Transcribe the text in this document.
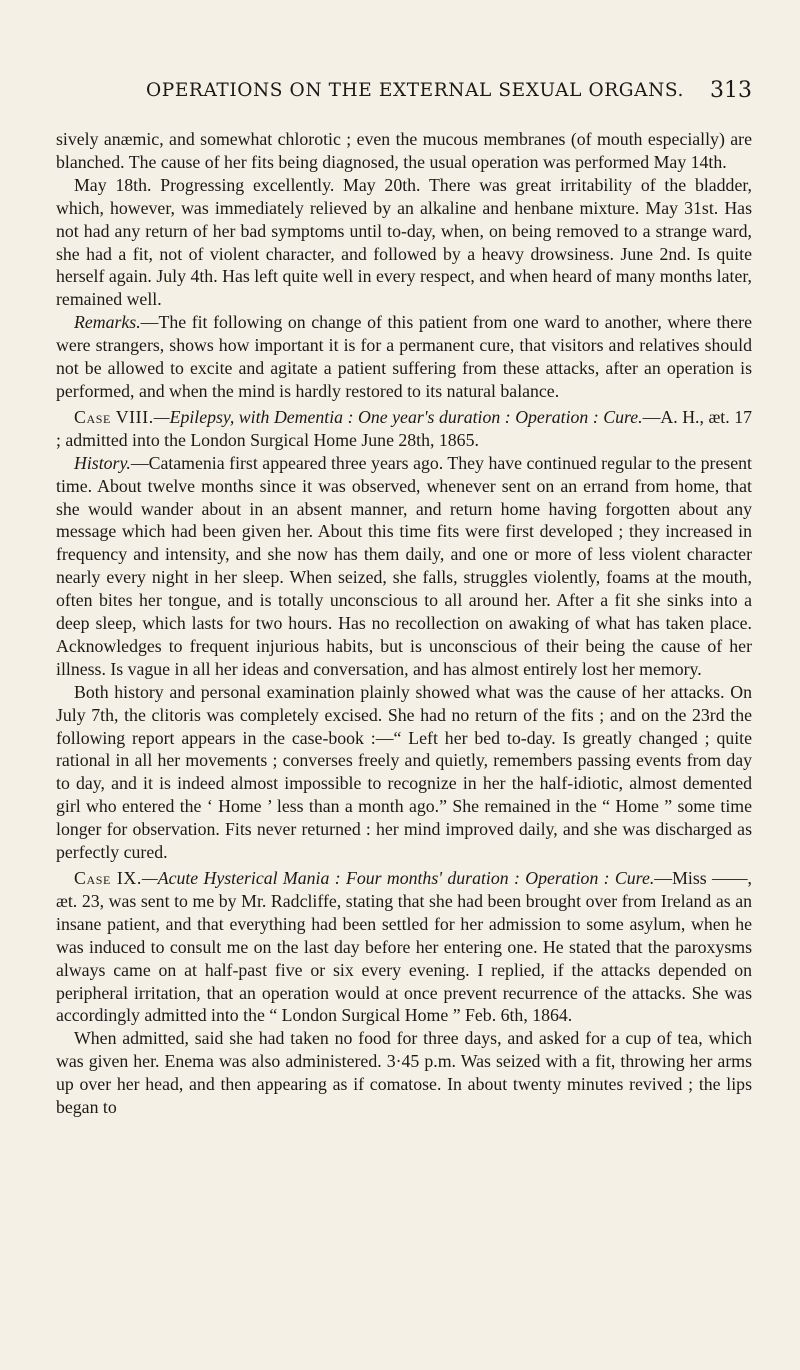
OPERATIONS ON THE EXTERNAL SEXUAL ORGANS. 313

sively anæmic, and somewhat chlorotic ; even the mucous membranes (of mouth especially) are blanched. The cause of her fits being diagnosed, the usual operation was performed May 14th.

May 18th. Progressing excellently. May 20th. There was great irritability of the bladder, which, however, was immediately relieved by an alkaline and henbane mixture. May 31st. Has not had any return of her bad symptoms until to-day, when, on being removed to a strange ward, she had a fit, not of violent character, and followed by a heavy drowsiness. June 2nd. Is quite herself again. July 4th. Has left quite well in every respect, and when heard of many months later, remained well.

Remarks.—The fit following on change of this patient from one ward to another, where there were strangers, shows how important it is for a permanent cure, that visitors and relatives should not be allowed to excite and agitate a patient suffering from these attacks, after an operation is performed, and when the mind is hardly restored to its natural balance.

Case VIII.—Epilepsy, with Dementia : One year's duration : Operation : Cure.—A. H., æt. 17 ; admitted into the London Surgical Home June 28th, 1865.

History.—Catamenia first appeared three years ago. They have continued regular to the present time. About twelve months since it was observed, whenever sent on an errand from home, that she would wander about in an absent manner, and return home having forgotten about any message which had been given her. About this time fits were first developed ; they increased in frequency and intensity, and she now has them daily, and one or more of less violent character nearly every night in her sleep. When seized, she falls, struggles violently, foams at the mouth, often bites her tongue, and is totally unconscious to all around her. After a fit she sinks into a deep sleep, which lasts for two hours. Has no recollection on awaking of what has taken place. Acknowledges to frequent injurious habits, but is unconscious of their being the cause of her illness. Is vague in all her ideas and conversation, and has almost entirely lost her memory.

Both history and personal examination plainly showed what was the cause of her attacks. On July 7th, the clitoris was completely excised. She had no return of the fits ; and on the 23rd the following report appears in the case-book :—“ Left her bed to-day. Is greatly changed ; quite rational in all her movements ; converses freely and quietly, remembers passing events from day to day, and it is indeed almost impossible to recognize in her the half-idiotic, almost demented girl who entered the ‘ Home ’ less than a month ago.” She remained in the “ Home ” some time longer for observation. Fits never returned : her mind improved daily, and she was discharged as perfectly cured.

Case IX.—Acute Hysterical Mania : Four months' duration : Operation : Cure.—Miss ——, æt. 23, was sent to me by Mr. Radcliffe, stating that she had been brought over from Ireland as an insane patient, and that everything had been settled for her admission to some asylum, when he was induced to consult me on the last day before her entering one. He stated that the paroxysms always came on at half-past five or six every evening. I replied, if the attacks depended on peripheral irritation, that an operation would at once prevent recurrence of the attacks. She was accordingly admitted into the “ London Surgical Home ” Feb. 6th, 1864.

When admitted, said she had taken no food for three days, and asked for a cup of tea, which was given her. Enema was also administered. 3·45 p.m. Was seized with a fit, throwing her arms up over her head, and then appearing as if comatose. In about twenty minutes revived ; the lips began to
